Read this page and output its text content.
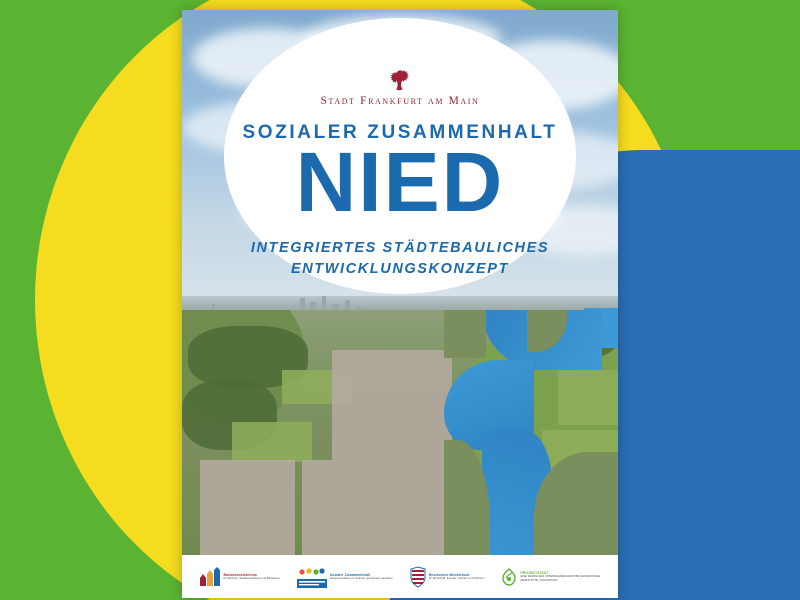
Stadt Frankfurt am Main
SOZIALER ZUSAMMENHALT
NIED
INTEGRIERTES STÄDTEBAULICHES
ENTWICKLUNGSKONZEPT
Bundesministerium
für Wohnen, Stadtentwicklung und Bauwesen
Sozialer Zusammenhalt
Zusammenleben im Quartier gemeinsam gestalten
Hessisches Ministerium
für Wirtschaft, Energie, Verkehr und Wohnen
PROJEKTSTADT
EINE MARKE DER UNTERNEHMENSGRUPPE NASSAUISCHE HEIMSTÄTTE / WOHNSTADT
